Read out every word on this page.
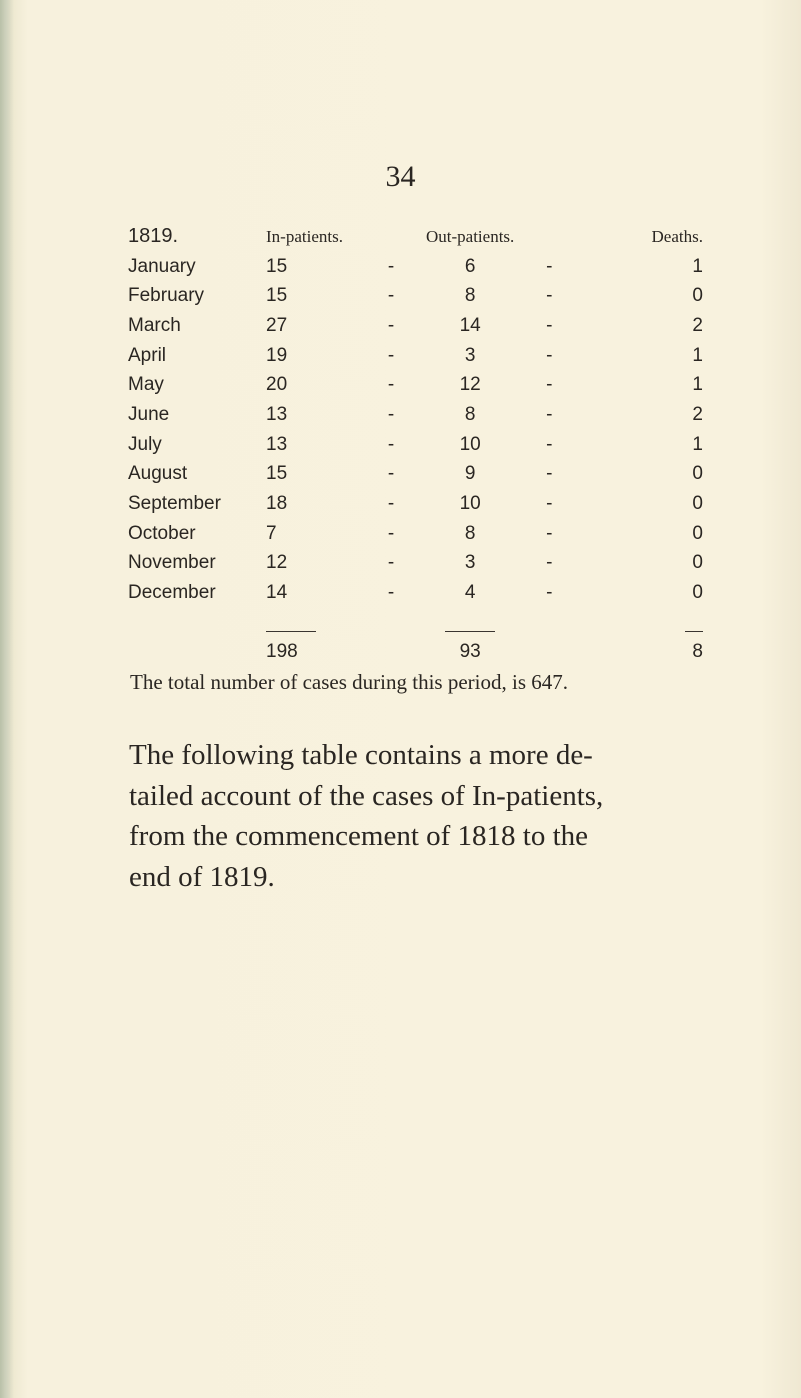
34
1819.	In-patients.		Out-patients.		Deaths.
January	15	-	6	-	1
February	15	-	8	-	0
March	27	-	14	-	2
April	19	-	3	-	1
May	20	-	12	-	1
June	13	-	8	-	2
July	13	-	10	-	1
August	15	-	9	-	0
September	18	-	10	-	0
October	7	-	8	-	0
November	12	-	3	-	0
December	14	-	4	-	0

	198		93		8
The total number of cases during this period, is 647.
The following table contains a more de-
tailed account of the cases of In-patients,
from the commencement of 1818 to the
end of 1819.
